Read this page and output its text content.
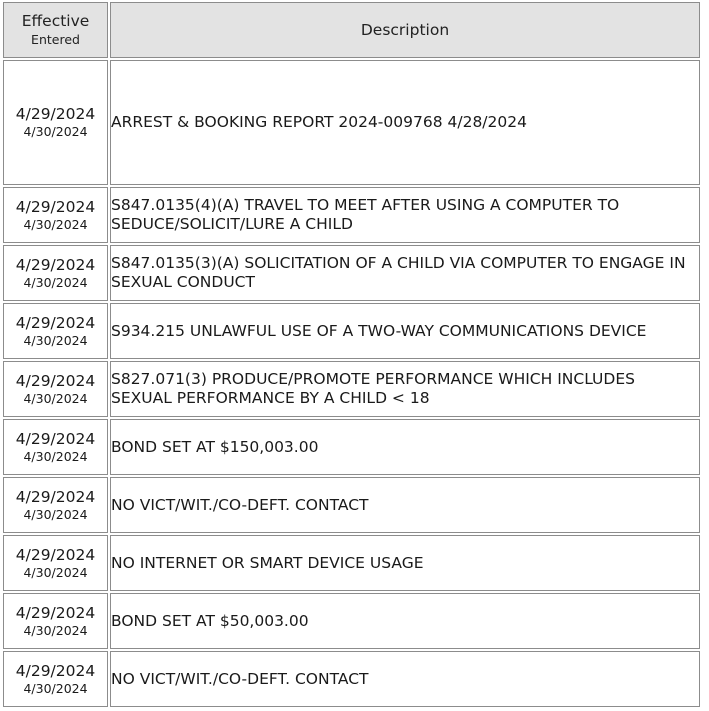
Effective
Entered	Description

4/29/2024
4/30/2024	ARREST & BOOKING REPORT 2024-009768 4/28/2024

4/29/2024
4/30/2024	S847.0135(4)(A) TRAVEL TO MEET AFTER USING A COMPUTER TO SEDUCE/SOLICIT/LURE A CHILD

4/29/2024
4/30/2024	S847.0135(3)(A) SOLICITATION OF A CHILD VIA COMPUTER TO ENGAGE IN SEXUAL CONDUCT

4/29/2024
4/30/2024	S934.215 UNLAWFUL USE OF A TWO-WAY COMMUNICATIONS DEVICE

4/29/2024
4/30/2024	S827.071(3) PRODUCE/PROMOTE PERFORMANCE WHICH INCLUDES SEXUAL PERFORMANCE BY A CHILD < 18

4/29/2024
4/30/2024	BOND SET AT $150,003.00

4/29/2024
4/30/2024	NO VICT/WIT./CO-DEFT. CONTACT

4/29/2024
4/30/2024	NO INTERNET OR SMART DEVICE USAGE

4/29/2024
4/30/2024	BOND SET AT $50,003.00

4/29/2024
4/30/2024	NO VICT/WIT./CO-DEFT. CONTACT
